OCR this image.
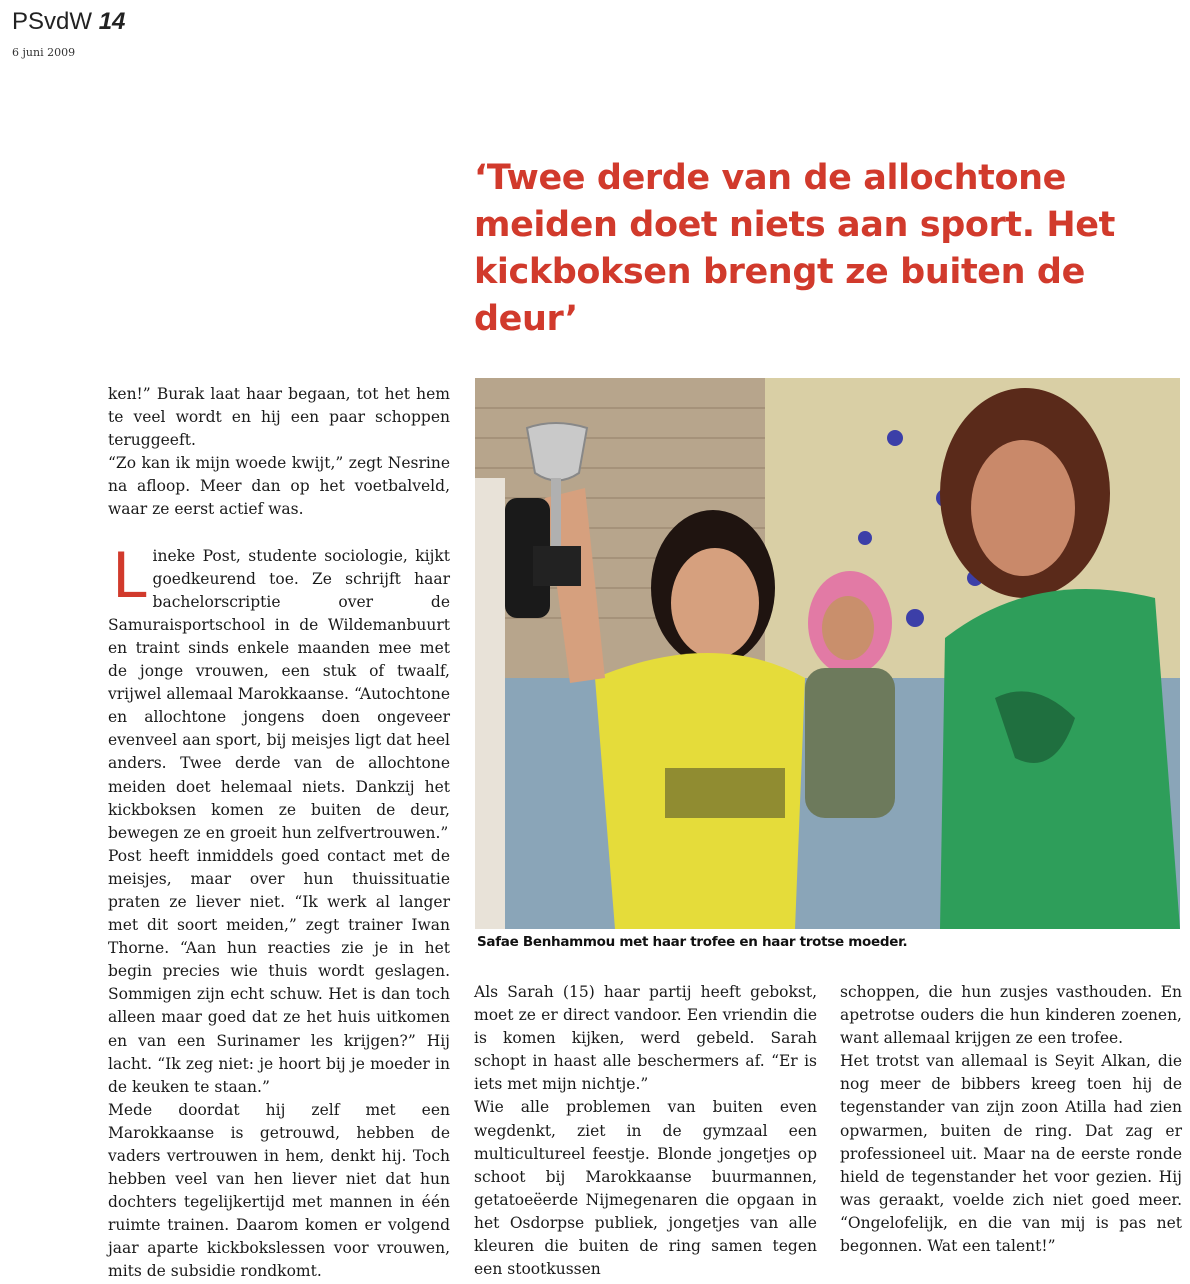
PSvdW 14
6 juni 2009
‘Twee derde van de allochtone meiden doet niets aan sport. Het kickboksen brengt ze buiten de deur’
Safae Benhammou met haar trofee en haar trotse moeder.

ken!” Burak laat haar begaan, tot het hem te veel wordt en hij een paar schoppen teruggeeft.

“Zo kan ik mijn woede kwijt,” zegt Nesrine na afloop. Meer dan op het voetbalveld, waar ze eerst actief was.

Lineke Post, studente sociologie, kijkt goedkeurend toe. Ze schrijft haar bachelorscriptie over de Samuraisportschool in de Wildemanbuurt en traint sinds enkele maanden mee met de jonge vrouwen, een stuk of twaalf, vrijwel allemaal Marokkaanse. “Autochtone en allochtone jongens doen ongeveer evenveel aan sport, bij meisjes ligt dat heel anders. Twee derde van de allochtone meiden doet helemaal niets. Dankzij het kickboksen komen ze buiten de deur, bewegen ze en groeit hun zelfvertrouwen.”

Post heeft inmiddels goed contact met de meisjes, maar over hun thuissituatie praten ze liever niet. “Ik werk al langer met dit soort meiden,” zegt trainer Iwan Thorne. “Aan hun reacties zie je in het begin precies wie thuis wordt geslagen. Sommigen zijn echt schuw. Het is dan toch alleen maar goed dat ze het huis uitkomen en van een Surinamer les krijgen?” Hij lacht. “Ik zeg niet: je hoort bij je moeder in de keuken te staan.”

Mede doordat hij zelf met een Marokkaanse is getrouwd, hebben de vaders vertrouwen in hem, denkt hij. Toch hebben veel van hen liever niet dat hun dochters tegelijkertijd met mannen in één ruimte trainen. Daarom komen er volgend jaar aparte kickbokslessen voor vrouwen, mits de subsidie rondkomt.

Als Sarah (15) haar partij heeft gebokst, moet ze er direct vandoor. Een vriendin die is komen kijken, werd gebeld. Sarah schopt in haast alle beschermers af. “Er is iets met mijn nichtje.”

Wie alle problemen van buiten even wegdenkt, ziet in de gymzaal een multicultureel feestje. Blonde jongetjes op schoot bij Marokkaanse buurmannen, getatoeëerde Nijmegenaren die opgaan in het Osdorpse publiek, jongetjes van alle kleuren die buiten de ring samen tegen een stootkussen

schoppen, die hun zusjes vasthouden. En apetrotse ouders die hun kinderen zoenen, want allemaal krijgen ze een trofee.

Het trotst van allemaal is Seyit Alkan, die nog meer de bibbers kreeg toen hij de tegenstander van zijn zoon Atilla had zien opwarmen, buiten de ring. Dat zag er professioneel uit. Maar na de eerste ronde hield de tegenstander het voor gezien. Hij was geraakt, voelde zich niet goed meer. “Ongelofelijk, en die van mij is pas net begonnen. Wat een talent!”
